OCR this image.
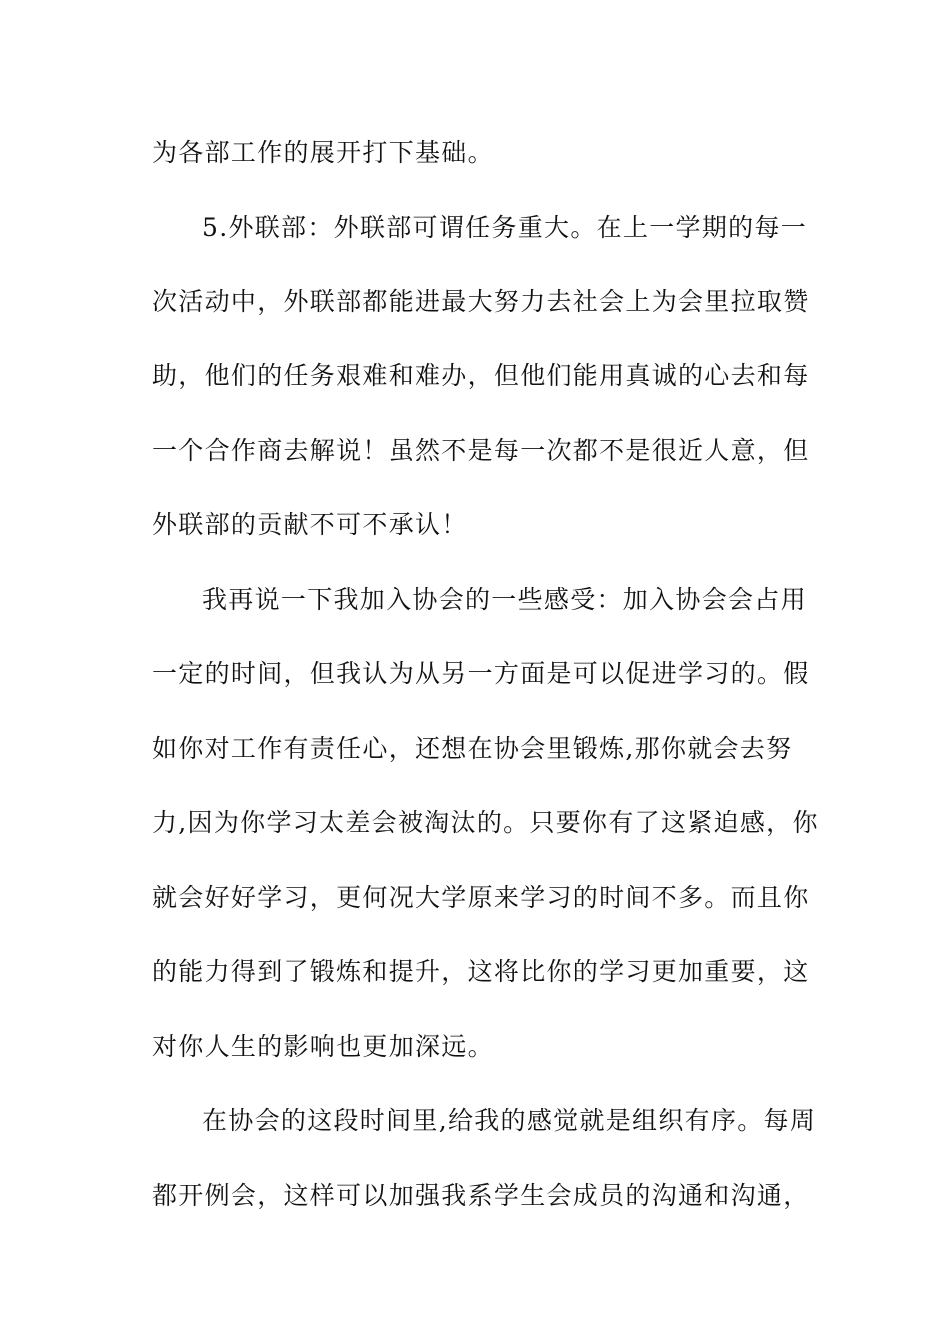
为各部工作的展开打下基础。
5.外联部：外联部可谓任务重大。在上一学期的每一
次活动中，外联部都能进最大努力去社会上为会里拉取赞
助，他们的任务艰难和难办，但他们能用真诚的心去和每
一个合作商去解说！虽然不是每一次都不是很近人意，但
外联部的贡献不可不承认！
我再说一下我加入协会的一些感受：加入协会会占用
一定的时间，但我认为从另一方面是可以促进学习的。假
如你对工作有责任心，还想在协会里锻炼,那你就会去努
力,因为你学习太差会被淘汰的。只要你有了这紧迫感，你
就会好好学习，更何况大学原来学习的时间不多。而且你
的能力得到了锻炼和提升，这将比你的学习更加重要，这
对你人生的影响也更加深远。
在协会的这段时间里,给我的感觉就是组织有序。每周
都开例会，这样可以加强我系学生会成员的沟通和沟通，
